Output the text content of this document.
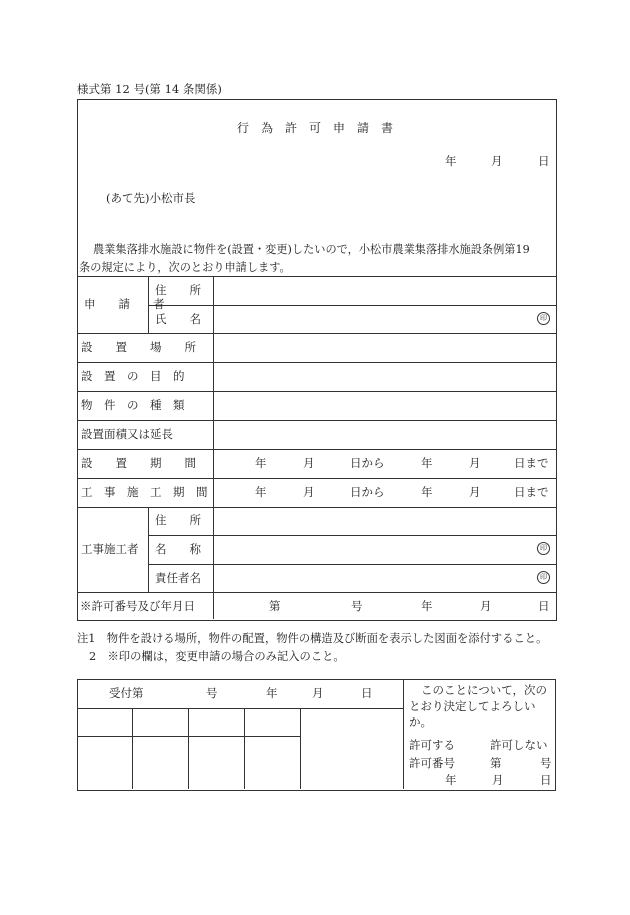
様式第 12 号(第 14 条関係)
行　為　許　可　申　請　書
年	月	日
(あて先)小松市長
農業集落排水施設に物件を(設置・変更)したいので，小松市農業集落排水施設条例第19
条の規定により，次のとおり申請します。
申　　請　　者
住　　所
氏　　名	印
設　　置　　場　　所
設　置　の　目　的
物　件　の　種　類
設置面積又は延長
設　　置　　期　　間	年	月	日から	年	月	日まで
工　事　施　工　期　間	年	月	日から	年	月	日まで
工事施工者
住　　所
名　　称	印
責任者名	印
※許可番号及び年月日	第	号	年	月	日
注1　物件を設ける場所，物件の配置，物件の構造及び断面を表示した図面を添付すること。
2　※印の欄は，変更申請の場合のみ記入のこと。
受付第	号	年	月	日	このことについて，次の
とおり決定してよろしい
か。
許可する	許可しない
許可番号	第	号
年	月	日
